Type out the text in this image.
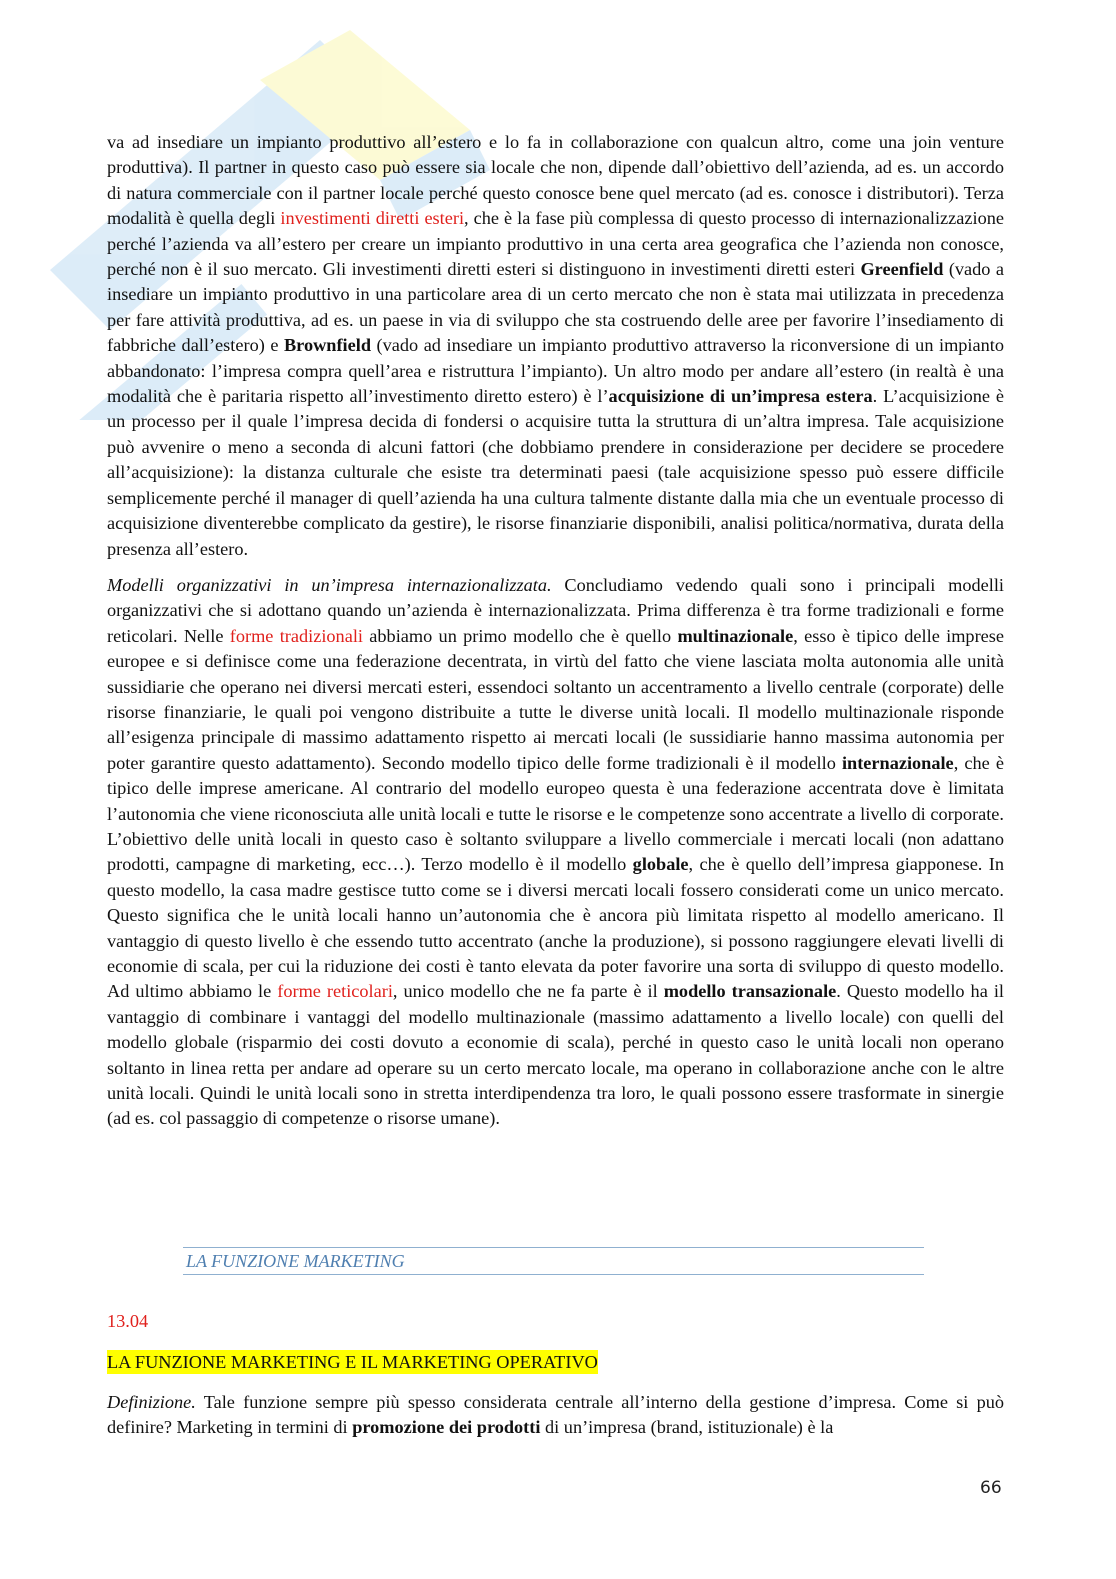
va ad insediare un impianto produttivo all’estero e lo fa in collaborazione con qualcun altro, come una join venture produttiva). Il partner in questo caso può essere sia locale che non, dipende dall’obiettivo dell’azienda, ad es. un accordo di natura commerciale con il partner locale perché questo conosce bene quel mercato (ad es. conosce i distributori). Terza modalità è quella degli investimenti diretti esteri, che è la fase più complessa di questo processo di internazionalizzazione perché l’azienda va all’estero per creare un impianto produttivo in una certa area geografica che l’azienda non conosce, perché non è il suo mercato. Gli investimenti diretti esteri si distinguono in investimenti diretti esteri Greenfield (vado a insediare un impianto produttivo in una particolare area di un certo mercato che non è stata mai utilizzata in precedenza per fare attività produttiva, ad es. un paese in via di sviluppo che sta costruendo delle aree per favorire l’insediamento di fabbriche dall’estero) e Brownfield (vado ad insediare un impianto produttivo attraverso la riconversione di un impianto abbandonato: l’impresa compra quell’area e ristruttura l’impianto). Un altro modo per andare all’estero (in realtà è una modalità che è paritaria rispetto all’investimento diretto estero) è l’acquisizione di un’impresa estera. L’acquisizione è un processo per il quale l’impresa decida di fondersi o acquisire tutta la struttura di un’altra impresa. Tale acquisizione può avvenire o meno a seconda di alcuni fattori (che dobbiamo prendere in considerazione per decidere se procedere all’acquisizione): la distanza culturale che esiste tra determinati paesi (tale acquisizione spesso può essere difficile semplicemente perché il manager di quell’azienda ha una cultura talmente distante dalla mia che un eventuale processo di acquisizione diventerebbe complicato da gestire), le risorse finanziarie disponibili, analisi politica/normativa, durata della presenza all’estero.

Modelli organizzativi in un’impresa internazionalizzata. Concludiamo vedendo quali sono i principali modelli organizzativi che si adottano quando un’azienda è internazionalizzata. Prima differenza è tra forme tradizionali e forme reticolari. Nelle forme tradizionali abbiamo un primo modello che è quello multinazionale, esso è tipico delle imprese europee e si definisce come una federazione decentrata, in virtù del fatto che viene lasciata molta autonomia alle unità sussidiarie che operano nei diversi mercati esteri, essendoci soltanto un accentramento a livello centrale (corporate) delle risorse finanziarie, le quali poi vengono distribuite a tutte le diverse unità locali. Il modello multinazionale risponde all’esigenza principale di massimo adattamento rispetto ai mercati locali (le sussidiarie hanno massima autonomia per poter garantire questo adattamento). Secondo modello tipico delle forme tradizionali è il modello internazionale, che è tipico delle imprese americane. Al contrario del modello europeo questa è una federazione accentrata dove è limitata l’autonomia che viene riconosciuta alle unità locali e tutte le risorse e le competenze sono accentrate a livello di corporate. L’obiettivo delle unità locali in questo caso è soltanto sviluppare a livello commerciale i mercati locali (non adattano prodotti, campagne di marketing, ecc…). Terzo modello è il modello globale, che è quello dell’impresa giapponese. In questo modello, la casa madre gestisce tutto come se i diversi mercati locali fossero considerati come un unico mercato. Questo significa che le unità locali hanno un’autonomia che è ancora più limitata rispetto al modello americano. Il vantaggio di questo livello è che essendo tutto accentrato (anche la produzione), si possono raggiungere elevati livelli di economie di scala, per cui la riduzione dei costi è tanto elevata da poter favorire una sorta di sviluppo di questo modello. Ad ultimo abbiamo le forme reticolari, unico modello che ne fa parte è il modello transazionale. Questo modello ha il vantaggio di combinare i vantaggi del modello multinazionale (massimo adattamento a livello locale) con quelli del modello globale (risparmio dei costi dovuto a economie di scala), perché in questo caso le unità locali non operano soltanto in linea retta per andare ad operare su un certo mercato locale, ma operano in collaborazione anche con le altre unità locali. Quindi le unità locali sono in stretta interdipendenza tra loro, le quali possono essere trasformate in sinergie (ad es. col passaggio di competenze o risorse umane).

LA FUNZIONE MARKETING
13.04
LA FUNZIONE MARKETING E IL MARKETING OPERATIVO

Definizione. Tale funzione sempre più spesso considerata centrale all’interno della gestione d’impresa. Come si può definire? Marketing in termini di promozione dei prodotti di un’impresa (brand, istituzionale) è la

66
